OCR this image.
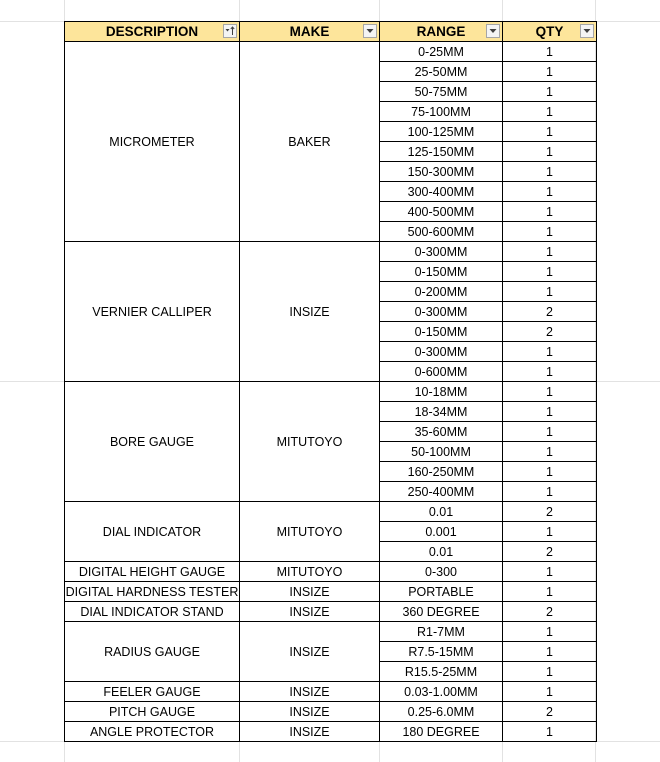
DESCRIPTION	MAKE	RANGE	QTY

MICROMETER	BAKER	0-25MM	1
		25-50MM	1
		50-75MM	1
		75-100MM	1
		100-125MM	1
		125-150MM	1
		150-300MM	1
		300-400MM	1
		400-500MM	1
		500-600MM	1
VERNIER CALLIPER	INSIZE	0-300MM	1
		0-150MM	1
		0-200MM	1
		0-300MM	2
		0-150MM	2
		0-300MM	1
		0-600MM	1
BORE GAUGE	MITUTOYO	10-18MM	1
		18-34MM	1
		35-60MM	1
		50-100MM	1
		160-250MM	1
		250-400MM	1
DIAL INDICATOR	MITUTOYO	0.01	2
		0.001	1
		0.01	2
DIGITAL HEIGHT GAUGE	MITUTOYO	0-300	1
DIGITAL HARDNESS TESTER	INSIZE	PORTABLE	1
DIAL INDICATOR STAND	INSIZE	360 DEGREE	2
RADIUS GAUGE	INSIZE	R1-7MM	1
		R7.5-15MM	1
		R15.5-25MM	1
FEELER GAUGE	INSIZE	0.03-1.00MM	1
PITCH GAUGE	INSIZE	0.25-6.0MM	2
ANGLE PROTECTOR	INSIZE	180 DEGREE	1
